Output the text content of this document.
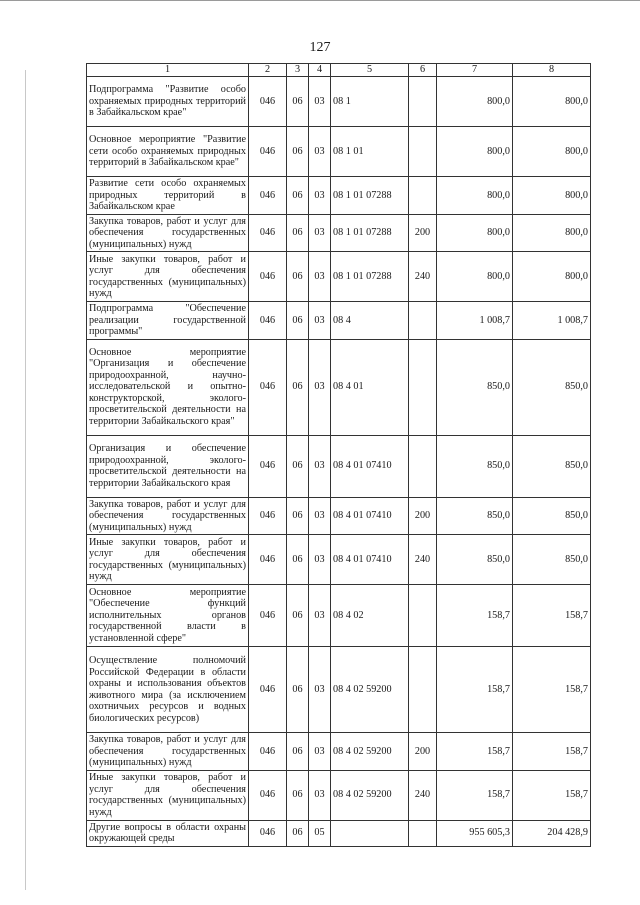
127
1	2	3	4	5	6	7	8
Подпрограмма "Развитие особо охраняемых природных территорий в Забайкальском крае"	046	06	03	08 1		800,0	800,0
Основное мероприятие "Развитие сети особо охраняемых природных территорий в Забайкальском крае"	046	06	03	08 1 01		800,0	800,0
Развитие сети особо охраняемых природных территорий в Забайкальском крае	046	06	03	08 1 01 07288		800,0	800,0
Закупка товаров, работ и услуг для обеспечения государственных (муниципальных) нужд	046	06	03	08 1 01 07288	200	800,0	800,0
Иные закупки товаров, работ и услуг для обеспечения государственных (муниципальных) нужд	046	06	03	08 1 01 07288	240	800,0	800,0
Подпрограмма "Обеспечение реализации государственной программы"	046	06	03	08 4		1 008,7	1 008,7
Основное мероприятие "Организация и обеспечение природоохранной, научно-исследовательской и опытно-конструкторской, эколого-просветительской деятельности на территории Забайкальского края"	046	06	03	08 4 01		850,0	850,0
Организация и обеспечение природоохранной, эколого-просветительской деятельности на территории Забайкальского края	046	06	03	08 4 01 07410		850,0	850,0
Закупка товаров, работ и услуг для обеспечения государственных (муниципальных) нужд	046	06	03	08 4 01 07410	200	850,0	850,0
Иные закупки товаров, работ и услуг для обеспечения государственных (муниципальных) нужд	046	06	03	08 4 01 07410	240	850,0	850,0
Основное мероприятие "Обеспечение функций исполнительных органов государственной власти в установленной сфере"	046	06	03	08 4 02		158,7	158,7
Осуществление полномочий Российской Федерации в области охраны и использования объектов животного мира (за исключением охотничьих ресурсов и водных биологических ресурсов)	046	06	03	08 4 02 59200		158,7	158,7
Закупка товаров, работ и услуг для обеспечения государственных (муниципальных) нужд	046	06	03	08 4 02 59200	200	158,7	158,7
Иные закупки товаров, работ и услуг для обеспечения государственных (муниципальных) нужд	046	06	03	08 4 02 59200	240	158,7	158,7
Другие вопросы в области охраны окружающей среды	046	06	05			955 605,3	204 428,9
